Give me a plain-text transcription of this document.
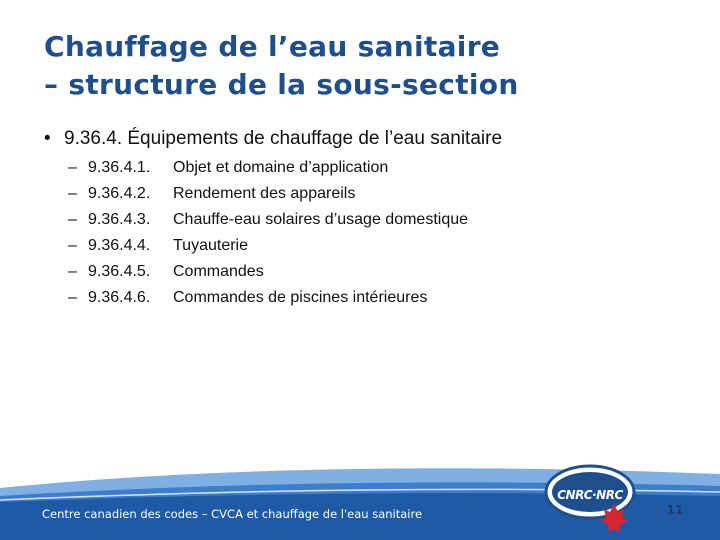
Chauffage de l’eau sanitaire
– structure de la sous-section
• 9.36.4. Équipements de chauffage de l’eau sanitaire
– 9.36.4.1. Objet et domaine d’application
– 9.36.4.2. Rendement des appareils
– 9.36.4.3. Chauffe-eau solaires d’usage domestique
– 9.36.4.4. Tuyauterie
– 9.36.4.5. Commandes
– 9.36.4.6. Commandes de piscines intérieures
Centre canadien des codes – CVCA et chauffage de l'eau sanitaire
CNRC·NRC
11
